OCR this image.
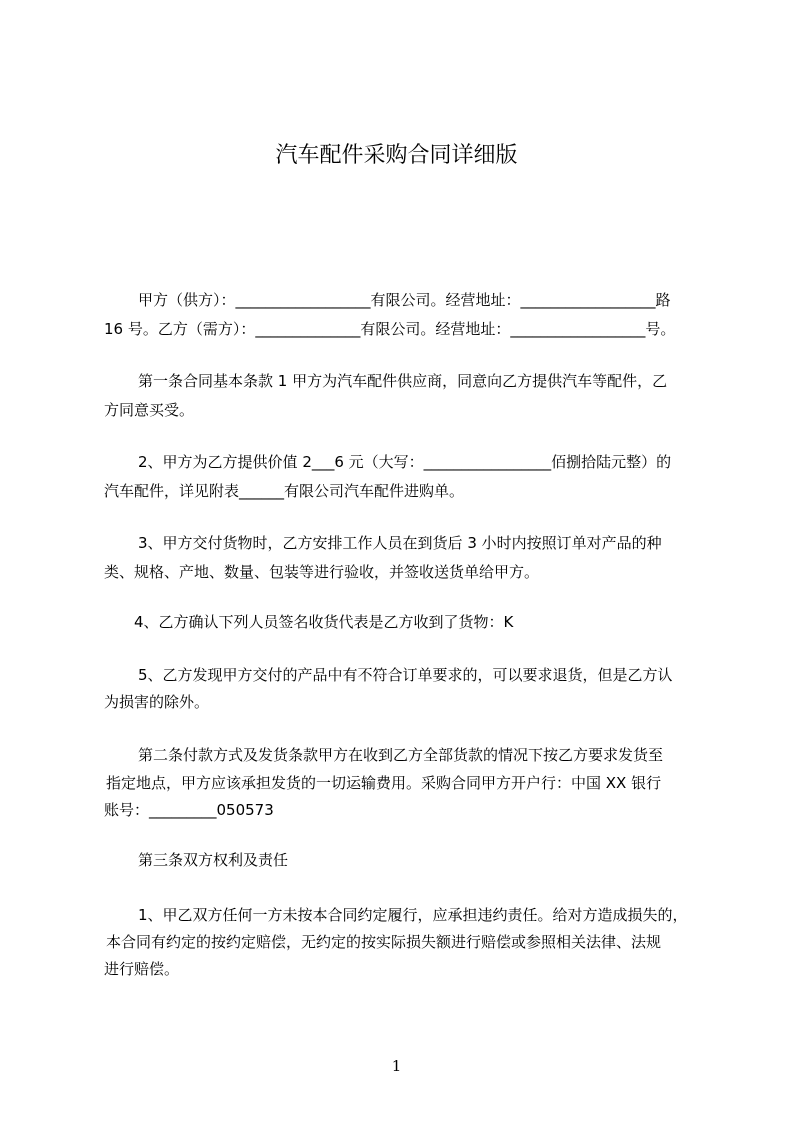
汽车配件采购合同详细版
甲方（供方）：__________________有限公司。经营地址：__________________路
16 号。乙方（需方）：______________有限公司。经营地址：__________________号。
第一条合同基本条款 1 甲方为汽车配件供应商，同意向乙方提供汽车等配件，乙
方同意买受。
2、甲方为乙方提供价值 2___6 元（大写：_________________佰捌拾陆元整）的
汽车配件，详见附表______有限公司汽车配件进购单。
3、甲方交付货物时，乙方安排工作人员在到货后 3 小时内按照订单对产品的种
类、规格、产地、数量、包装等进行验收，并签收送货单给甲方。
4、乙方确认下列人员签名收货代表是乙方收到了货物：K
5、乙方发现甲方交付的产品中有不符合订单要求的，可以要求退货，但是乙方认
为损害的除外。
第二条付款方式及发货条款甲方在收到乙方全部货款的情况下按乙方要求发货至
指定地点，甲方应该承担发货的一切运输费用。采购合同甲方开户行：中国 XX 银行
账号：_________050573
第三条双方权利及责任
1、甲乙双方任何一方未按本合同约定履行，应承担违约责任。给对方造成损失的，
本合同有约定的按约定赔偿，无约定的按实际损失额进行赔偿或参照相关法律、法规
进行赔偿。
1
